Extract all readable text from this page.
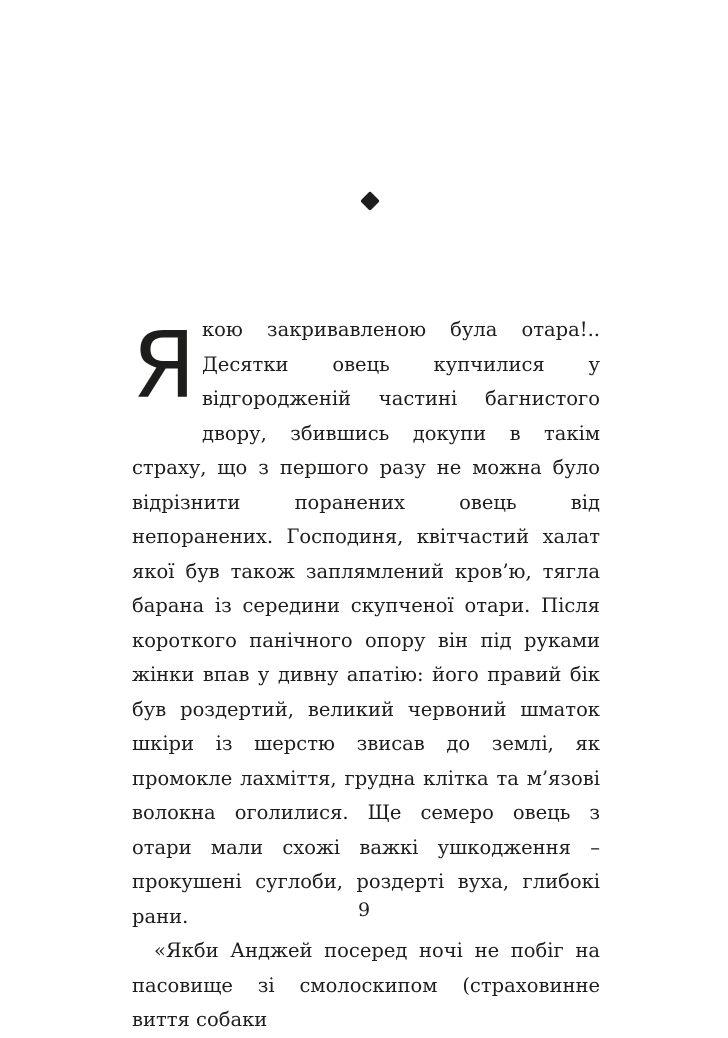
Якою закривавленою була отара!.. Десятки овець купчилися у відгородженій частині багнистого двору, збившись докупи в такім страху, що з першого разу не можна було відрізнити поранених овець від непоранених. Господиня, квітчастий халат якої був також заплямлений кров’ю, тягла барана із середини скупченої отари. Після короткого панічного опору він під руками жінки впав у дивну апатію: його правий бік був роздертий, великий червоний шматок шкіри із шерстю звисав до землі, як промокле лахміття, грудна клітка та м’язові волокна оголилися. Ще семеро овець з отари мали схожі важкі ушкодження – прокушені суглоби, роздерті вуха, глибокі рани.

«Якби Анджей посеред ночі не побіг на пасовище зі смолоскипом (страховинне виття собаки

9
